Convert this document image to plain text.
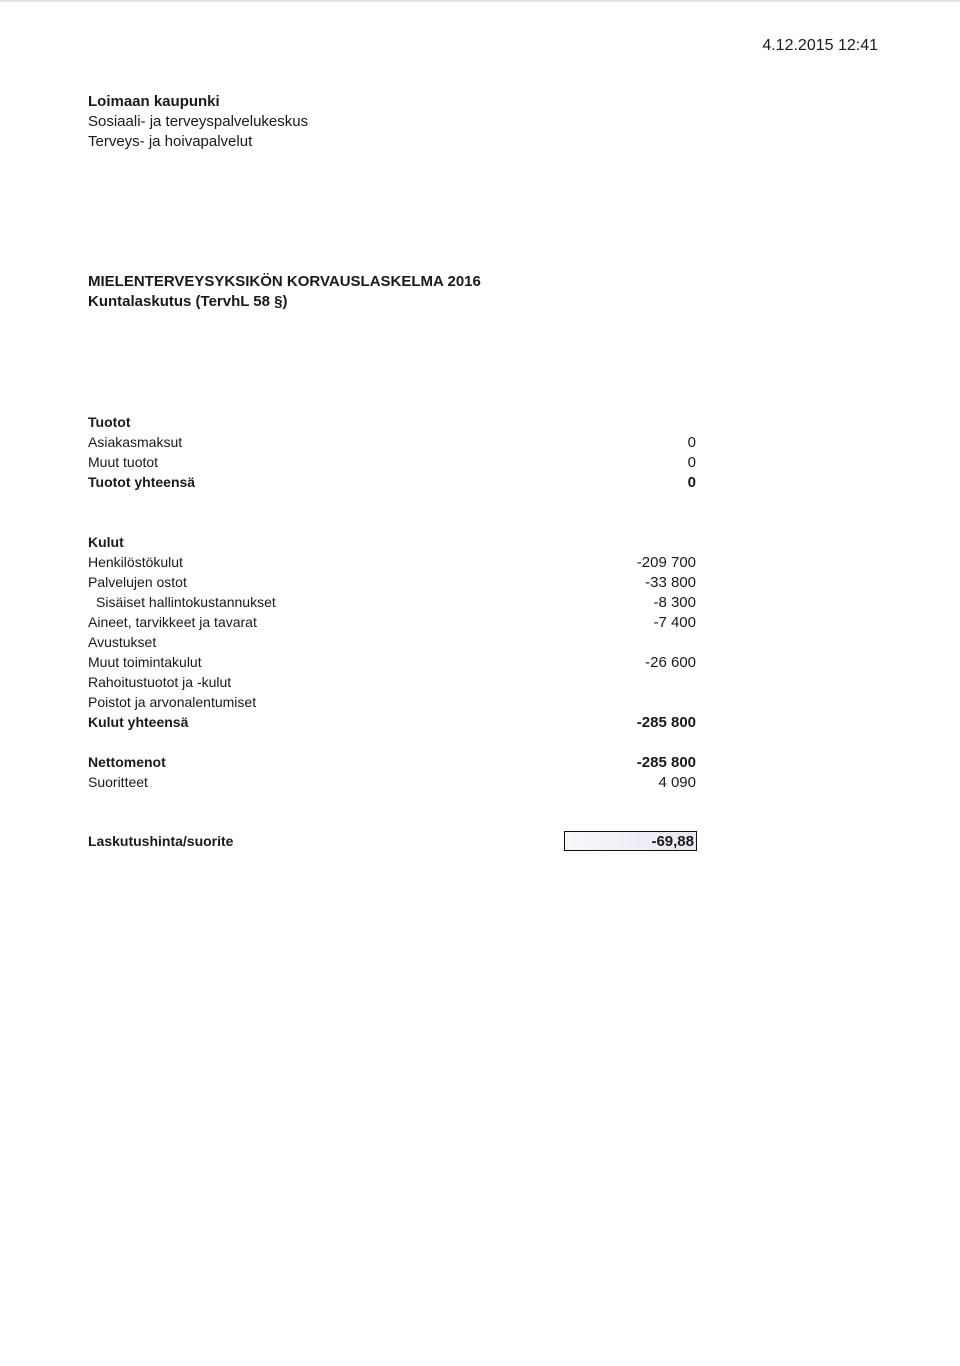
4.12.2015 12:41
Loimaan kaupunki
Sosiaali- ja terveyspalvelukeskus
Terveys- ja hoivapalvelut
MIELENTERVEYSYKSIKÖN KORVAUSLASKELMA 2016
Kuntalaskutus (TervhL 58 §)
Tuotot
Asiakasmaksut	0
Muut tuotot	0
Tuotot yhteensä	0
Kulut
Henkilöstökulut	-209 700
Palvelujen ostot	-33 800
Sisäiset hallintokustannukset	-8 300
Aineet, tarvikkeet ja tavarat	-7 400
Avustukset
Muut toimintakulut	-26 600
Rahoitustuotot ja -kulut
Poistot ja arvonalentumiset
Kulut yhteensä	-285 800
Nettomenot	-285 800
Suoritteet	4 090
Laskutushinta/suorite	-69,88
